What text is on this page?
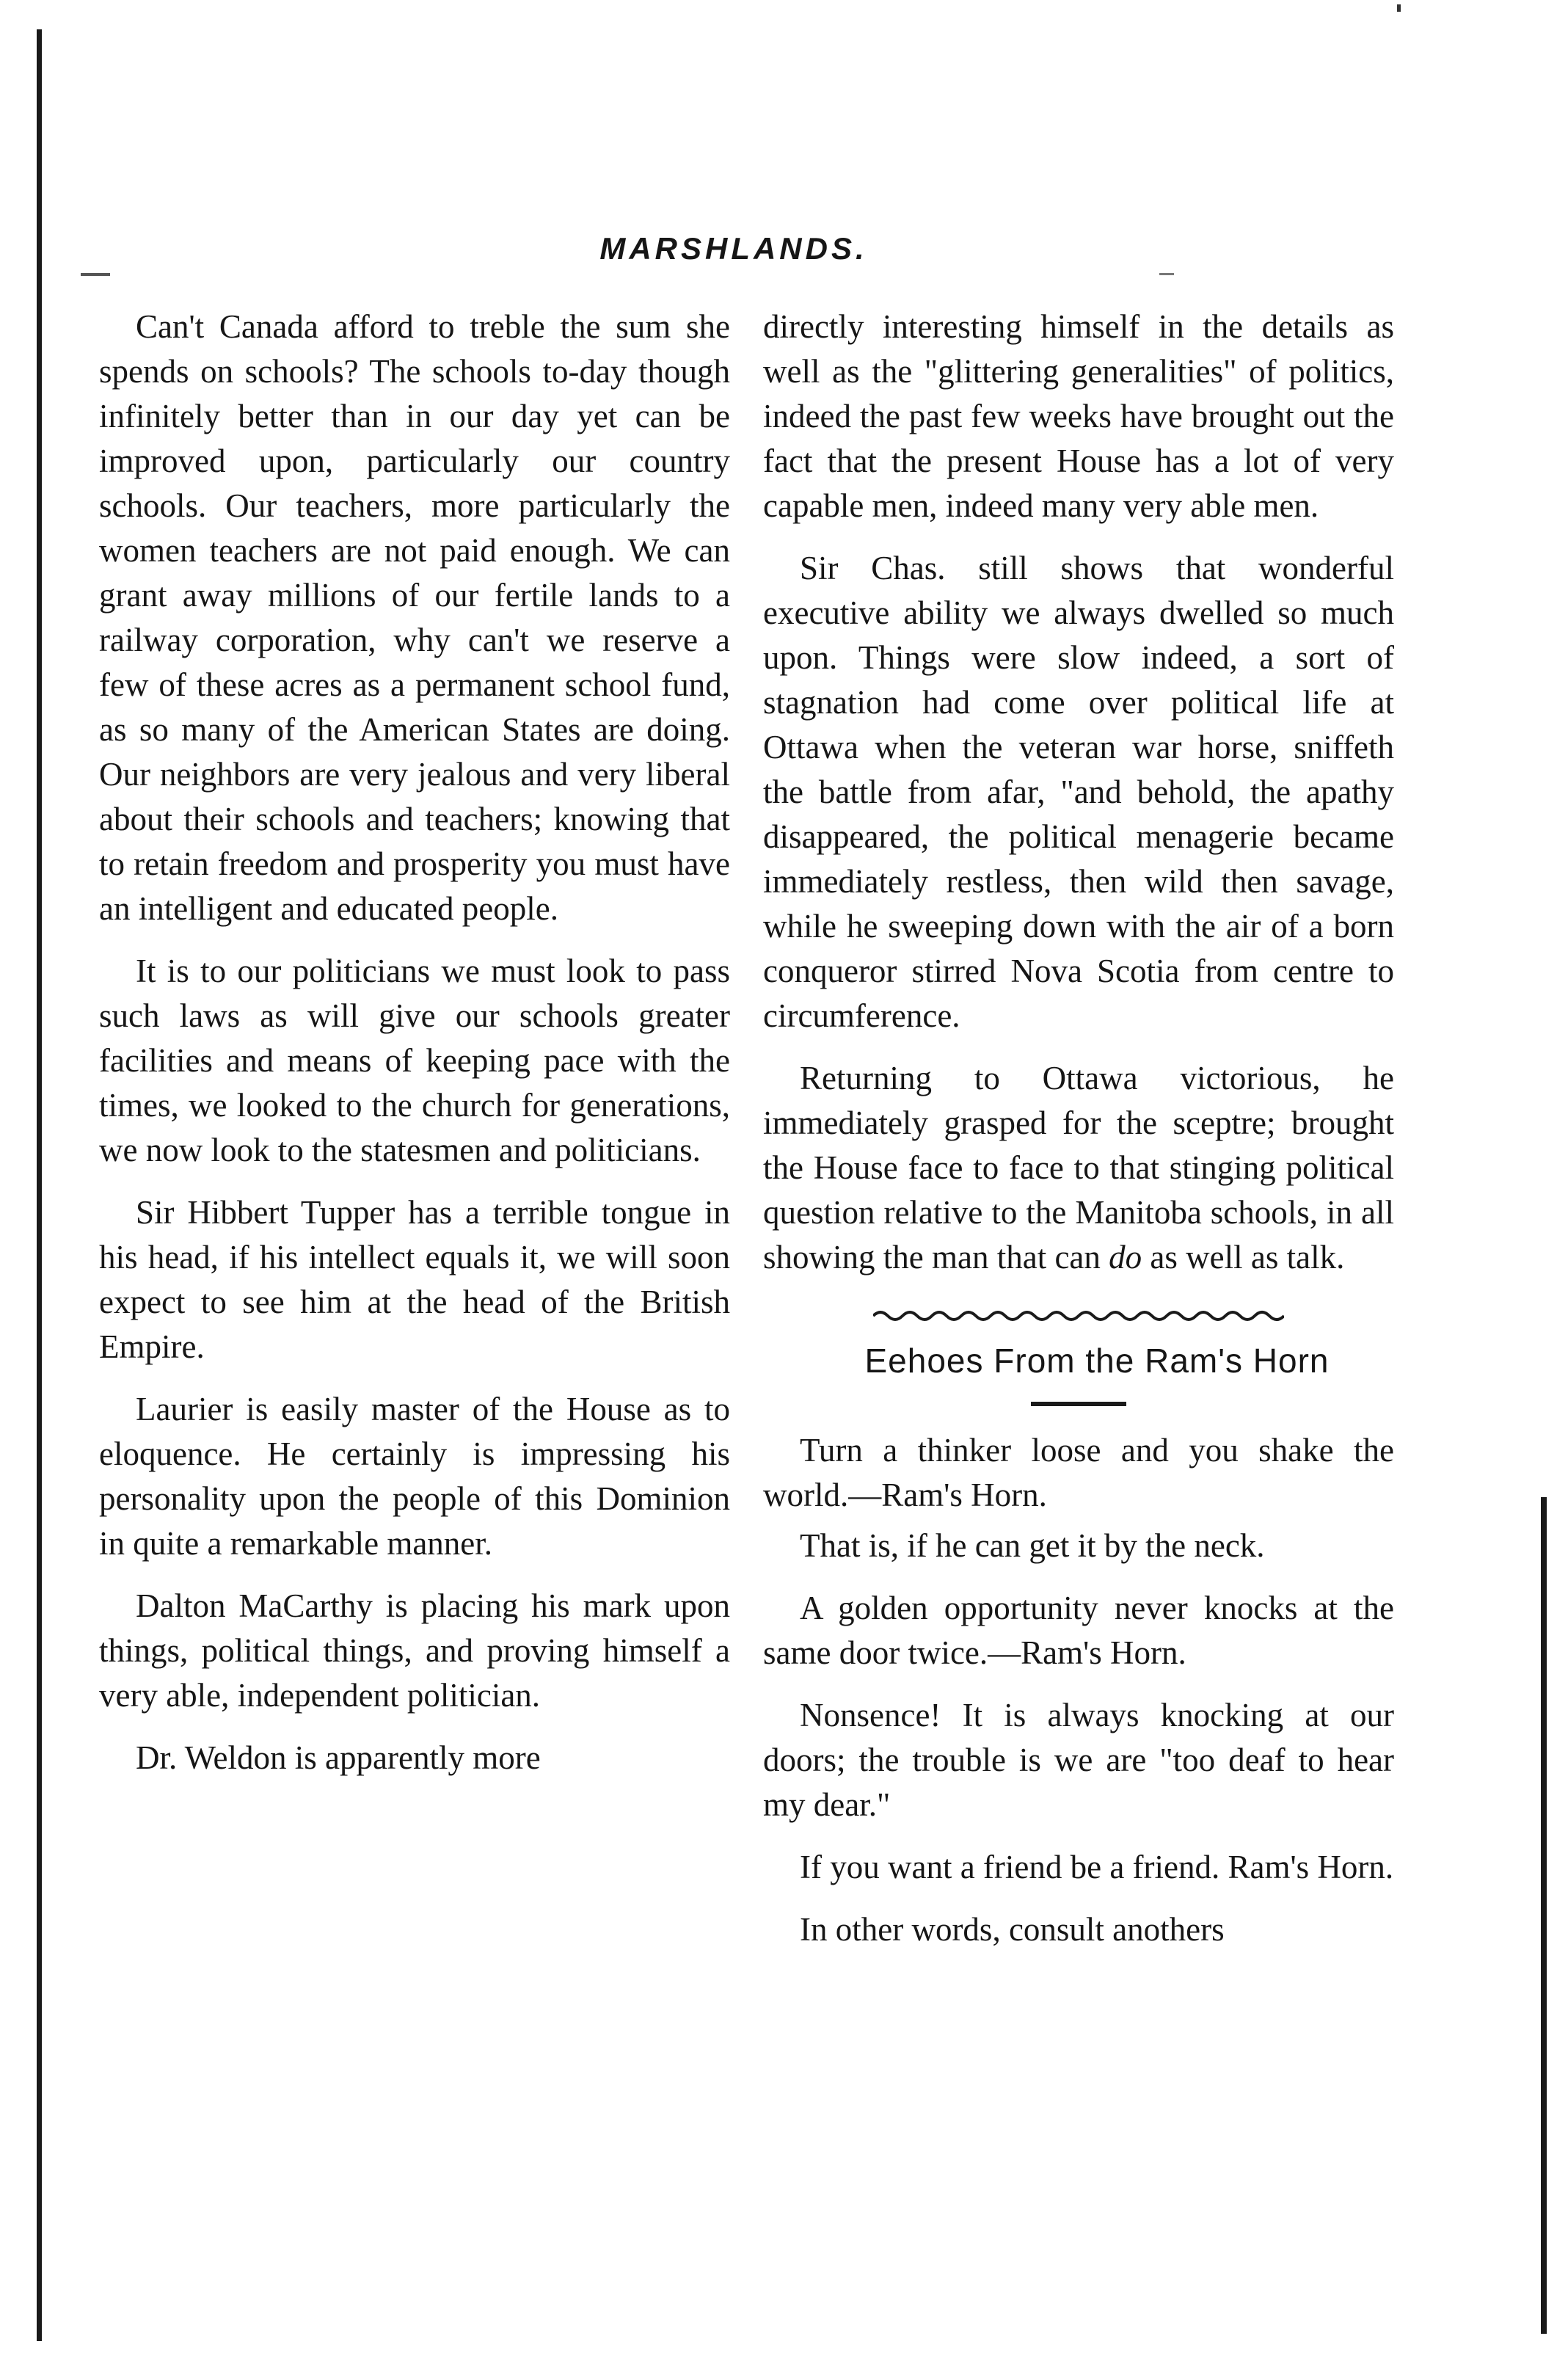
MARSHLANDS.

Can't Canada afford to treble the sum she spends on schools? The schools to-day though infinitely better than in our day yet can be improved upon, particularly our country schools. Our teachers, more particularly the women teachers are not paid enough. We can grant away millions of our fertile lands to a railway corporation, why can't we reserve a few of these acres as a permanent school fund, as so many of the American States are doing. Our neighbors are very jealous and very liberal about their schools and teachers; knowing that to retain freedom and prosperity you must have an intelligent and educated people.

It is to our politicians we must look to pass such laws as will give our schools greater facilities and means of keeping pace with the times, we looked to the church for generations, we now look to the statesmen and politicians.

Sir Hibbert Tupper has a terrible tongue in his head, if his intellect equals it, we will soon expect to see him at the head of the British Empire.

Laurier is easily master of the House as to eloquence. He certainly is impressing his personality upon the people of this Dominion in quite a remarkable manner.

Dalton MaCarthy is placing his mark upon things, political things, and proving himself a very able, independent politician.

Dr. Weldon is apparently more

directly interesting himself in the details as well as the "glittering generalities" of politics, indeed the past few weeks have brought out the fact that the present House has a lot of very capable men, indeed many very able men.

Sir Chas. still shows that wonderful executive ability we always dwelled so much upon. Things were slow indeed, a sort of stagnation had come over political life at Ottawa when the veteran war horse, sniffeth the battle from afar, "and behold, the apathy disappeared, the political menagerie became immediately restless, then wild then savage, while he sweeping down with the air of a born conqueror stirred Nova Scotia from centre to circumference.

Returning to Ottawa victorious, he immediately grasped for the sceptre; brought the House face to face to that stinging political question relative to the Manitoba schools, in all showing the man that can do as well as talk.

Eehoes From the Ram's Horn

Turn a thinker loose and you shake the world.—Ram's Horn.

That is, if he can get it by the neck.

A golden opportunity never knocks at the same door twice.—Ram's Horn.

Nonsence! It is always knocking at our doors; the trouble is we are "too deaf to hear my dear."

If you want a friend be a friend. Ram's Horn.

In other words, consult anothers
